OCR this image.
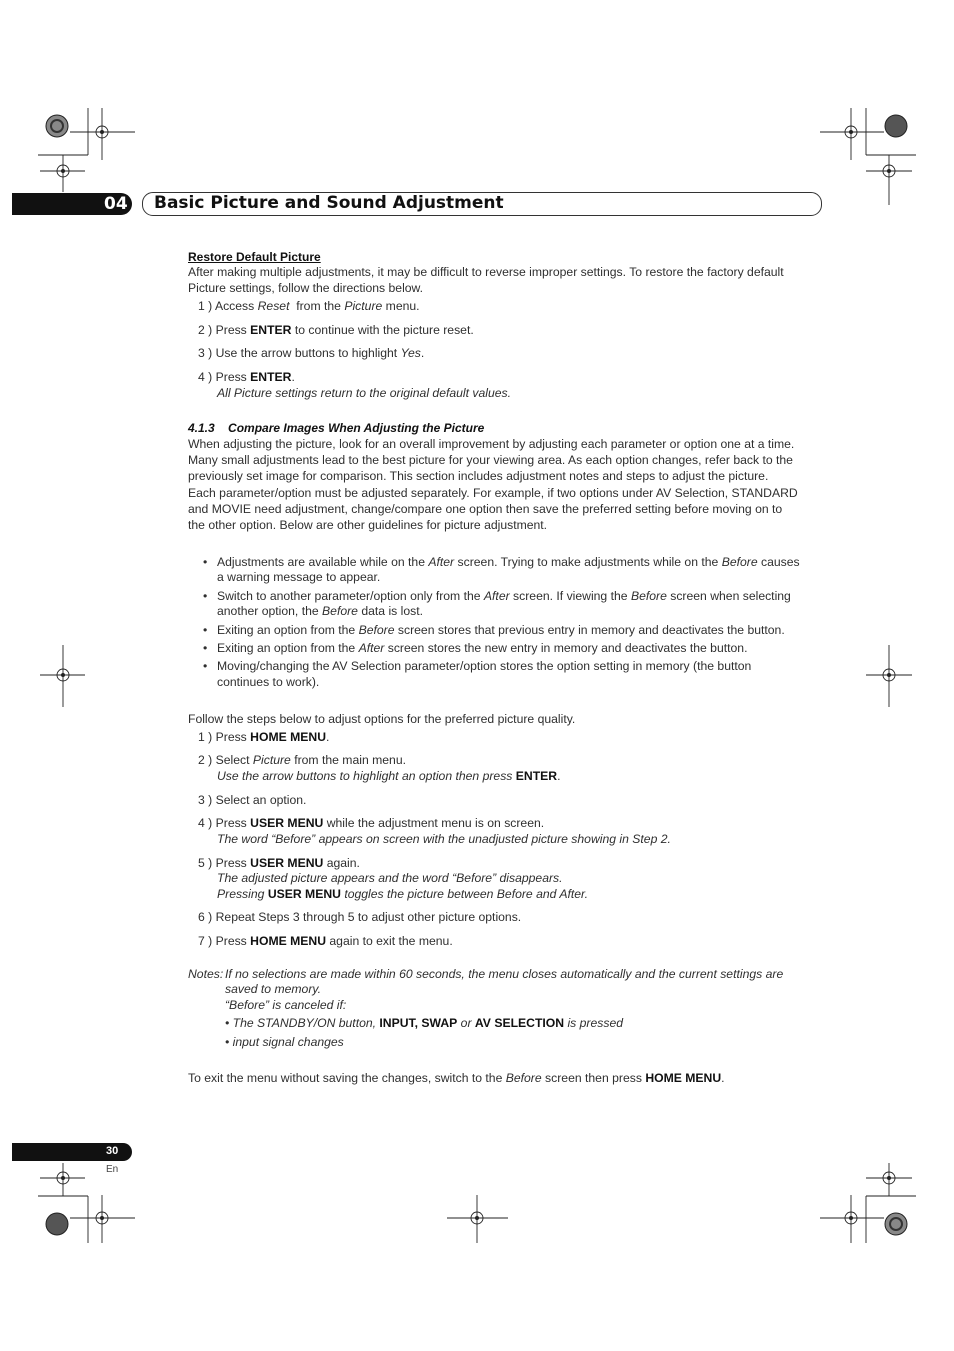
04 Basic Picture and Sound Adjustment
Restore Default Picture
After making multiple adjustments, it may be difficult to reverse improper settings. To restore the factory default
Picture settings, follow the directions below.
1 ) Access Reset  from the Picture menu.
2 ) Press ENTER to continue with the picture reset.
3 ) Use the arrow buttons to highlight Yes.
4 ) Press ENTER.
All Picture settings return to the original default values.
4.1.3    Compare Images When Adjusting the Picture
When adjusting the picture, look for an overall improvement by adjusting each parameter or option one at a time.
Many small adjustments lead to the best picture for your viewing area. As each option changes, refer back to the
previously set image for comparison. This section includes adjustment notes and steps to adjust the picture.
Each parameter/option must be adjusted separately. For example, if two options under AV Selection, STANDARD
and MOVIE need adjustment, change/compare one option then save the preferred setting before moving on to
the other option. Below are other guidelines for picture adjustment.
• Adjustments are available while on the After screen. Trying to make adjustments while on the Before causes
a warning message to appear.
• Switch to another parameter/option only from the After screen. If viewing the Before screen when selecting
another option, the Before data is lost.
• Exiting an option from the Before screen stores that previous entry in memory and deactivates the button.
• Exiting an option from the After screen stores the new entry in memory and deactivates the button.
• Moving/changing the AV Selection parameter/option stores the option setting in memory (the button
continues to work).
Follow the steps below to adjust options for the preferred picture quality.
1 ) Press HOME MENU.
2 ) Select Picture from the main menu.
Use the arrow buttons to highlight an option then press ENTER.
3 ) Select an option.
4 ) Press USER MENU while the adjustment menu is on screen.
The word “Before” appears on screen with the unadjusted picture showing in Step 2.
5 ) Press USER MENU again.
The adjusted picture appears and the word “Before” disappears.
Pressing USER MENU toggles the picture between Before and After.
6 ) Repeat Steps 3 through 5 to adjust other picture options.
7 ) Press HOME MENU again to exit the menu.
Notes: If no selections are made within 60 seconds, the menu closes automatically and the current settings are
saved to memory.
“Before” is canceled if:
• The STANDBY/ON button, INPUT, SWAP or AV SELECTION is pressed
• input signal changes
To exit the menu without saving the changes, switch to the Before screen then press HOME MENU.
30
En
